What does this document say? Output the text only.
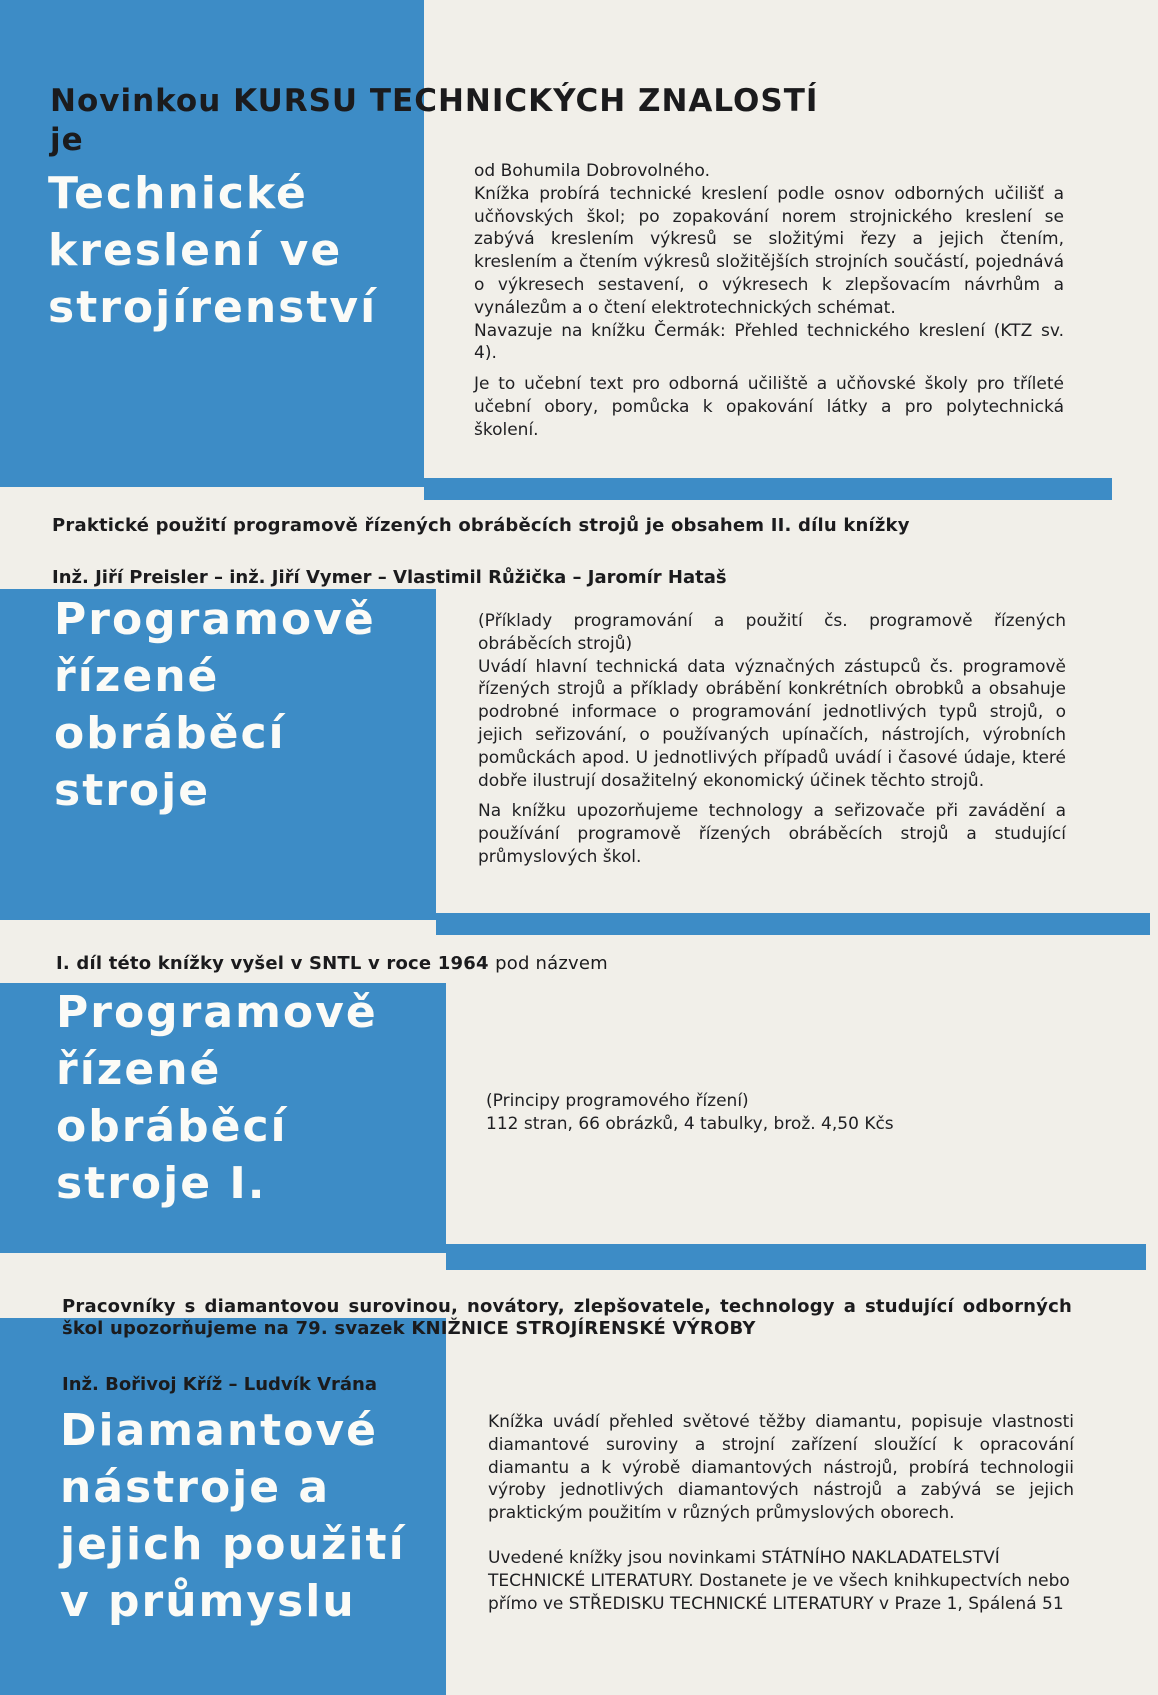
Novinkou KURSU TECHNICKÝCH ZNALOSTÍ
je
Technické
kreslení ve
strojírenství

od Bohumila Dobrovolného.

Knížka probírá technické kreslení podle osnov odborných učilišť a učňovských škol; po zopakování norem strojnického kreslení se zabývá kreslením výkresů se složitými řezy a jejich čtením, kreslením a čtením výkresů složitějších strojních součástí, pojednává o výkresech sestavení, o výkresech k zlepšovacím návrhům a vynálezům a o čtení elektrotechnických schémat.

Navazuje na knížku Čermák: Přehled technického kreslení (KTZ sv. 4).

Je to učební text pro odborná učiliště a učňovské školy pro tříleté učební obory, pomůcka k opakování látky a pro polytechnická školení.

Praktické použití programově řízených obráběcích strojů je obsahem II. dílu knížky
Inž. Jiří Preisler – inž. Jiří Vymer – Vlastimil Růžička – Jaromír Hataš
Programově
řízené
obráběcí
stroje

(Příklady programování a použití čs. programově řízených obráběcích strojů)

Uvádí hlavní technická data význačných zástupců čs. programově řízených strojů a příklady obrábění konkrétních obrobků a obsahuje podrobné informace o programování jednotlivých typů strojů, o jejich seřizování, o používaných upínačích, nástrojích, výrobních pomůckách apod. U jednotlivých případů uvádí i časové údaje, které dobře ilustrují dosažitelný ekonomický účinek těchto strojů.

Na knížku upozorňujeme technology a seřizovače při zavádění a používání programově řízených obráběcích strojů a studující průmyslových škol.

I. díl této knížky vyšel v SNTL v roce 1964 pod názvem
Programově
řízené
obráběcí
stroje I.

(Principy programového řízení)

112 stran, 66 obrázků, 4 tabulky, brož. 4,50 Kčs

Pracovníky s diamantovou surovinou, novátory, zlepšovatele, technology a studující odborných škol upozorňujeme na 79. svazek KNIŽNICE STROJÍRENSKÉ VÝROBY
Inž. Bořivoj Kříž – Ludvík Vrána
Diamantové
nástroje a
jejich použití
v průmyslu

Knížka uvádí přehled světové těžby diamantu, popisuje vlastnosti diamantové suroviny a strojní zařízení sloužící k opracování diamantu a k výrobě diamantových nástrojů, probírá technologii výroby jednotlivých diamantových nástrojů a zabývá se jejich praktickým použitím v různých průmyslových oborech.

Uvedené knížky jsou novinkami STÁTNÍHO NAKLADATELSTVÍ TECHNICKÉ LITERATURY. Dostanete je ve všech knihkupectvích nebo přímo ve STŘEDISKU TECHNICKÉ LITERATURY v Praze 1, Spálená 51
